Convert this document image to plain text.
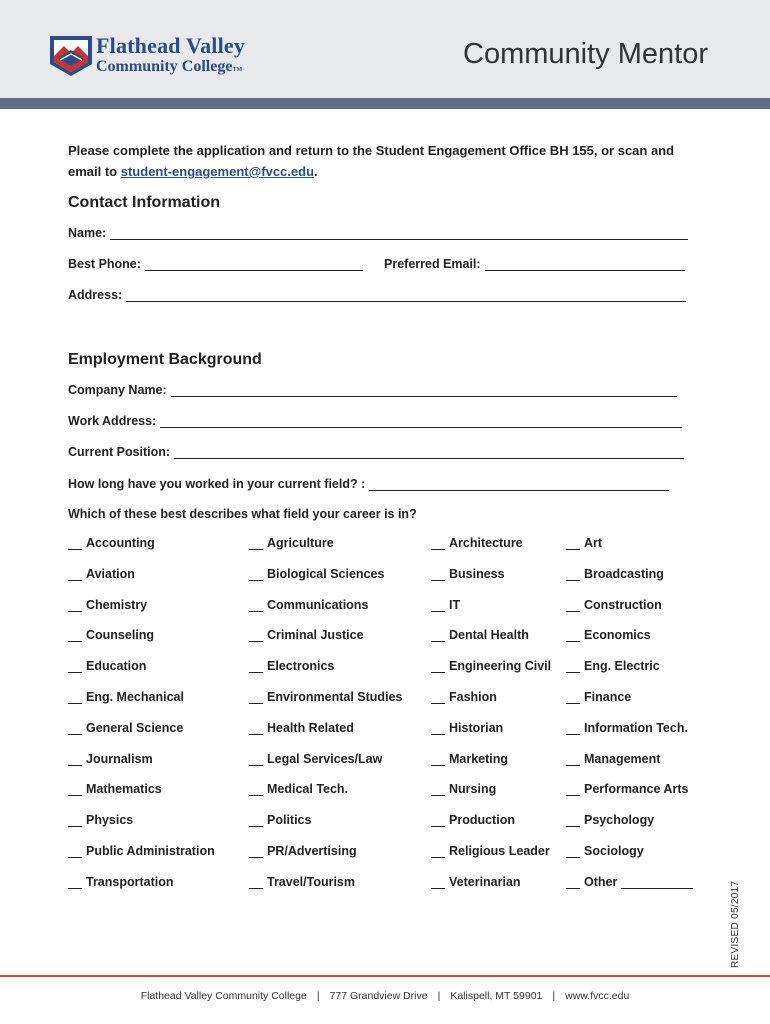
Flathead Valley
Community CollegeTM	Community Mentor
Please complete the application and return to the Student Engagement Office BH 155, or scan and email to student-engagement@fvcc.edu.
Contact Information
Name:
Best Phone:	Preferred Email:
Address:
Employment Background
Company Name:
Work Address:
Current Position:
How long have you worked in your current field? :
Which of these best describes what field your career is in?
Accounting	Agriculture	Architecture	Art
Aviation	Biological Sciences	Business	Broadcasting
Chemistry	Communications	IT	Construction
Counseling	Criminal Justice	Dental Health	Economics
Education	Electronics	Engineering Civil	Eng. Electric
Eng. Mechanical	Environmental Studies	Fashion	Finance
General Science	Health Related	Historian	Information Tech.
Journalism	Legal Services/Law	Marketing	Management
Mathematics	Medical Tech.	Nursing	Performance Arts
Physics	Politics	Production	Psychology
Public Administration	PR/Advertising	Religious Leader	Sociology
Transportation	Travel/Tourism	Veterinarian	Other	REVISED 05/2017
Flathead Valley Community College | 777 Grandview Drive | Kalispell, MT 59901 | www.fvcc.edu
